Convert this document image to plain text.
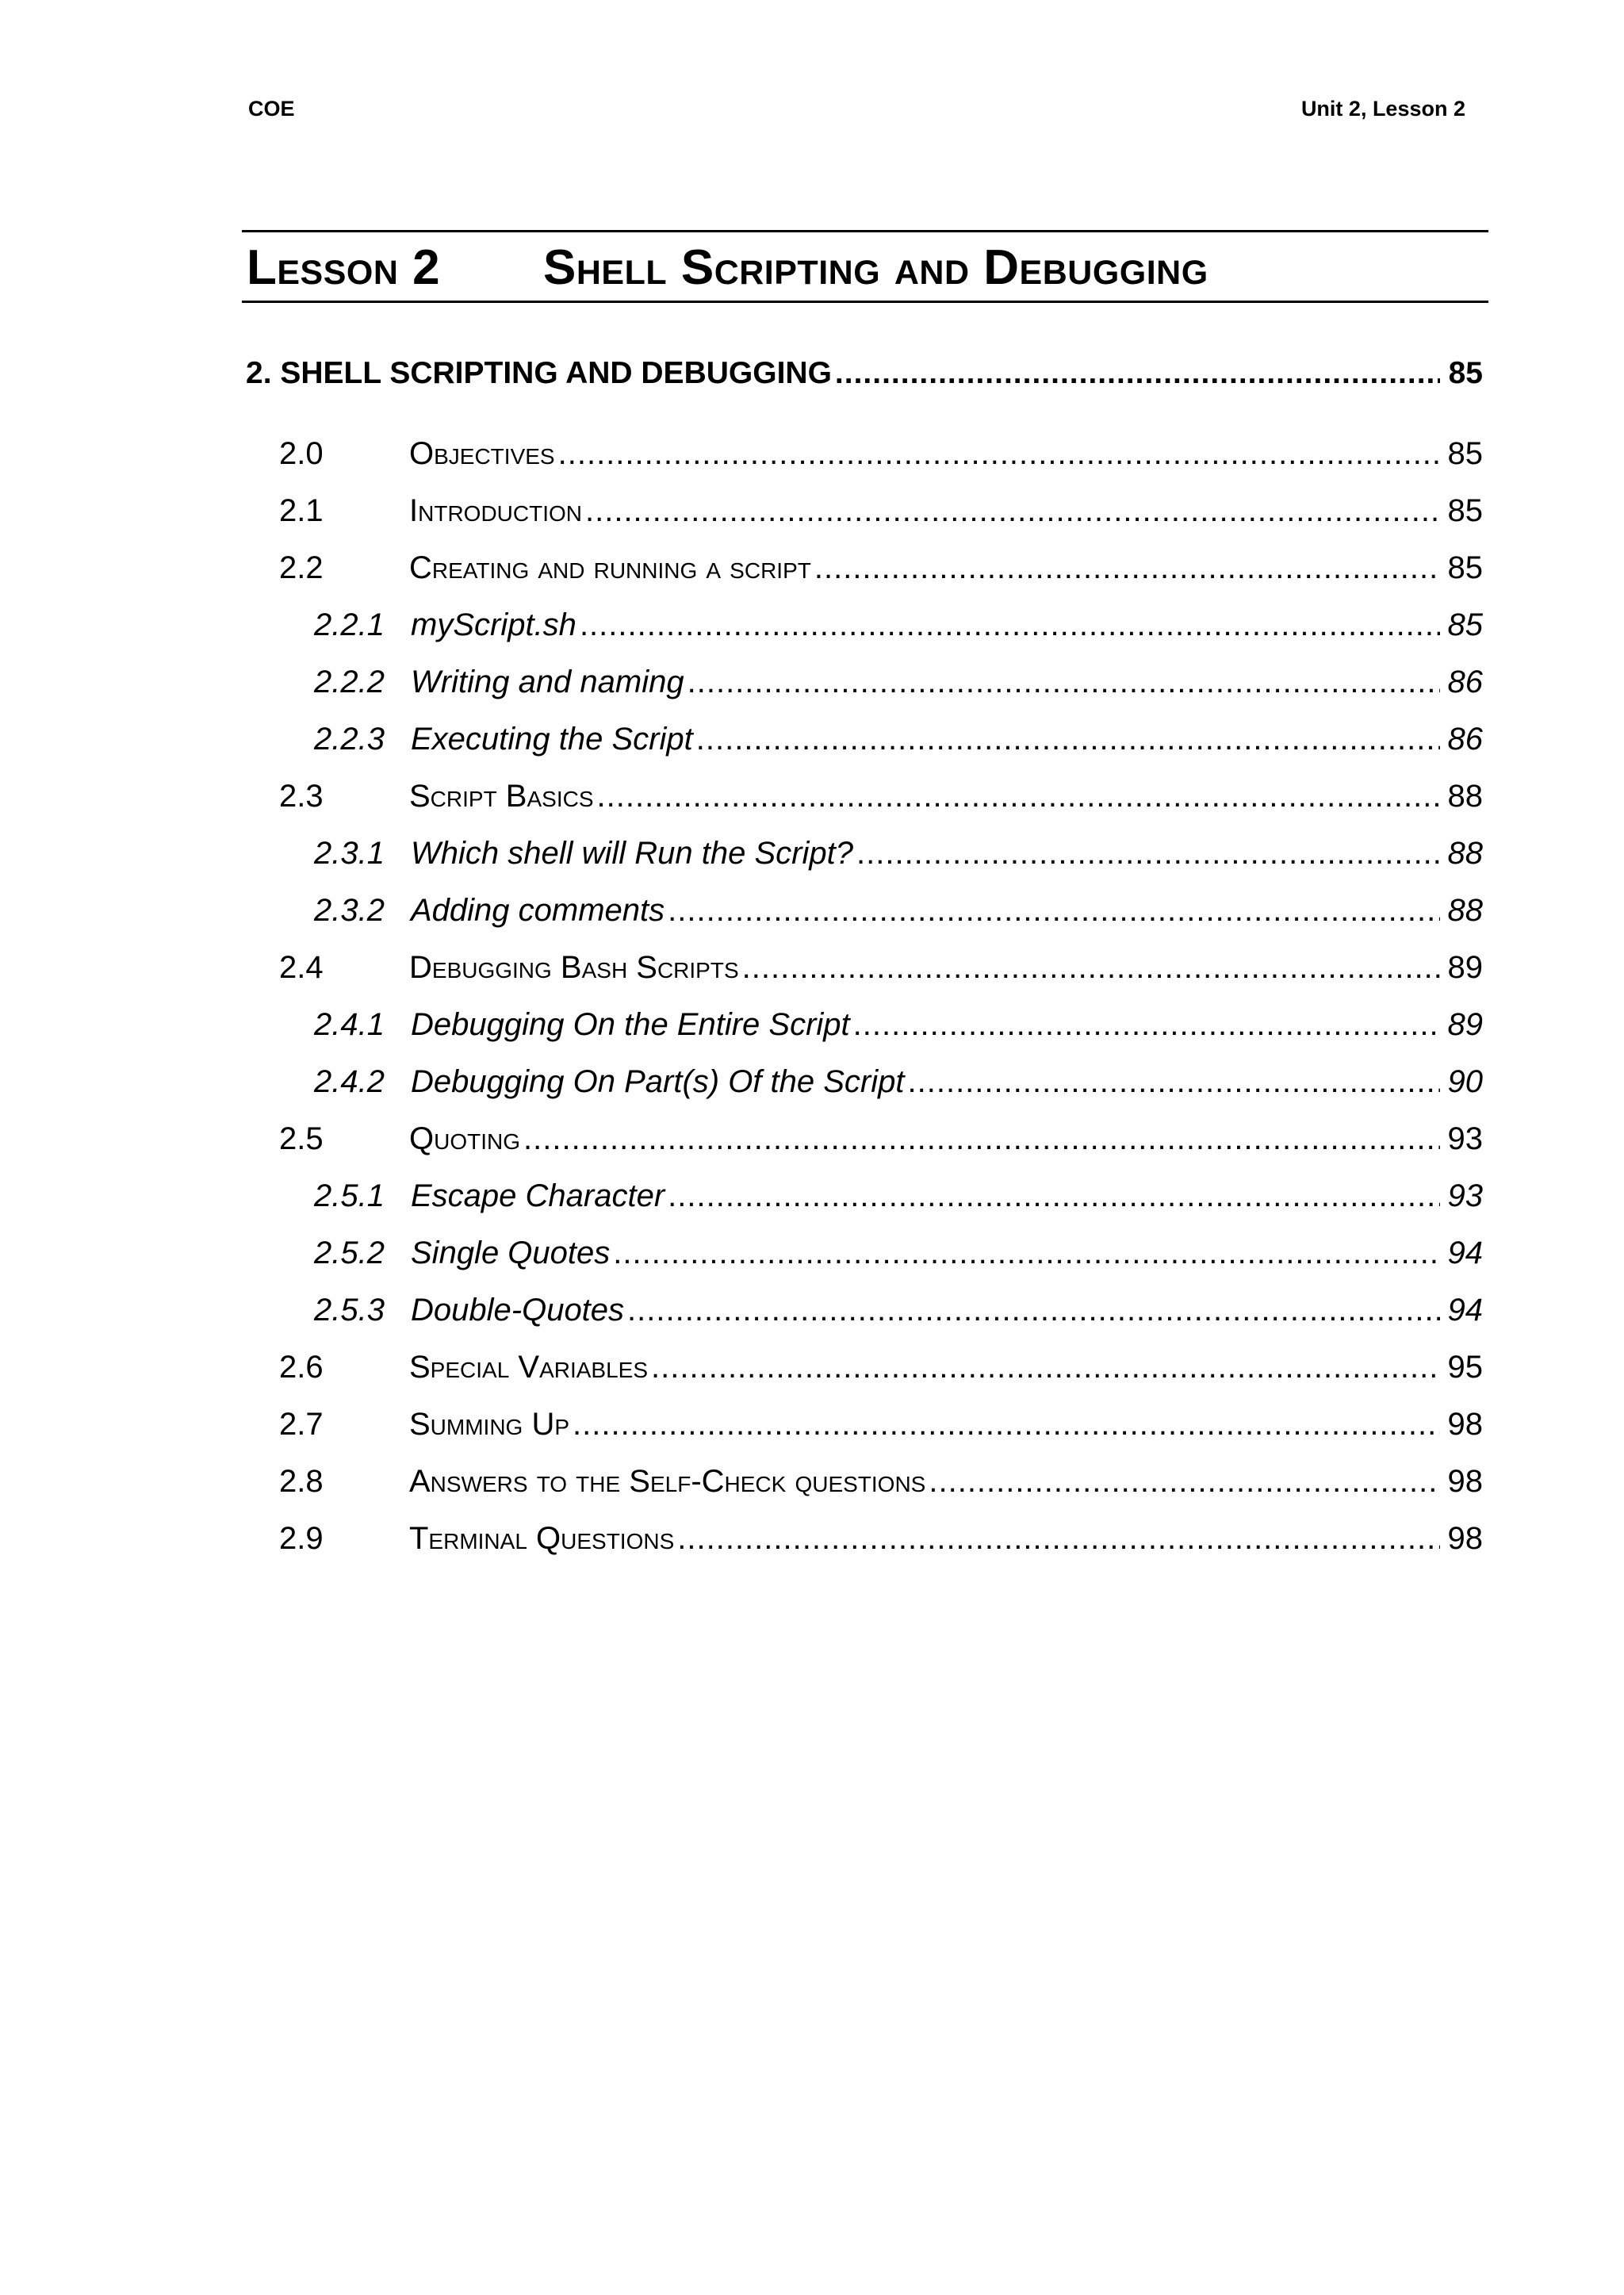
COE	Unit 2, Lesson 2
Lesson 2 Shell Scripting and Debugging
2. SHELL SCRIPTING AND DEBUGGING .....	85
2.0	Objectives .....	85
2.1	Introduction .....	85
2.2	Creating and running a script .....	85
2.2.1 myScript.sh .....	85
2.2.2 Writing and naming .....	86
2.2.3 Executing the Script .....	86
2.3	Script Basics .....	88
2.3.1 Which shell will Run the Script? .....	88
2.3.2 Adding comments .....	88
2.4	Debugging Bash Scripts .....	89
2.4.1 Debugging On the Entire Script .....	89
2.4.2 Debugging On Part(s) Of the Script .....	90
2.5	Quoting .....	93
2.5.1 Escape Character .....	93
2.5.2 Single Quotes .....	94
2.5.3 Double-Quotes .....	94
2.6	Special Variables .....	95
2.7	Summing Up .....	98
2.8	Answers to the Self-Check questions .....	98
2.9	Terminal Questions .....	98
